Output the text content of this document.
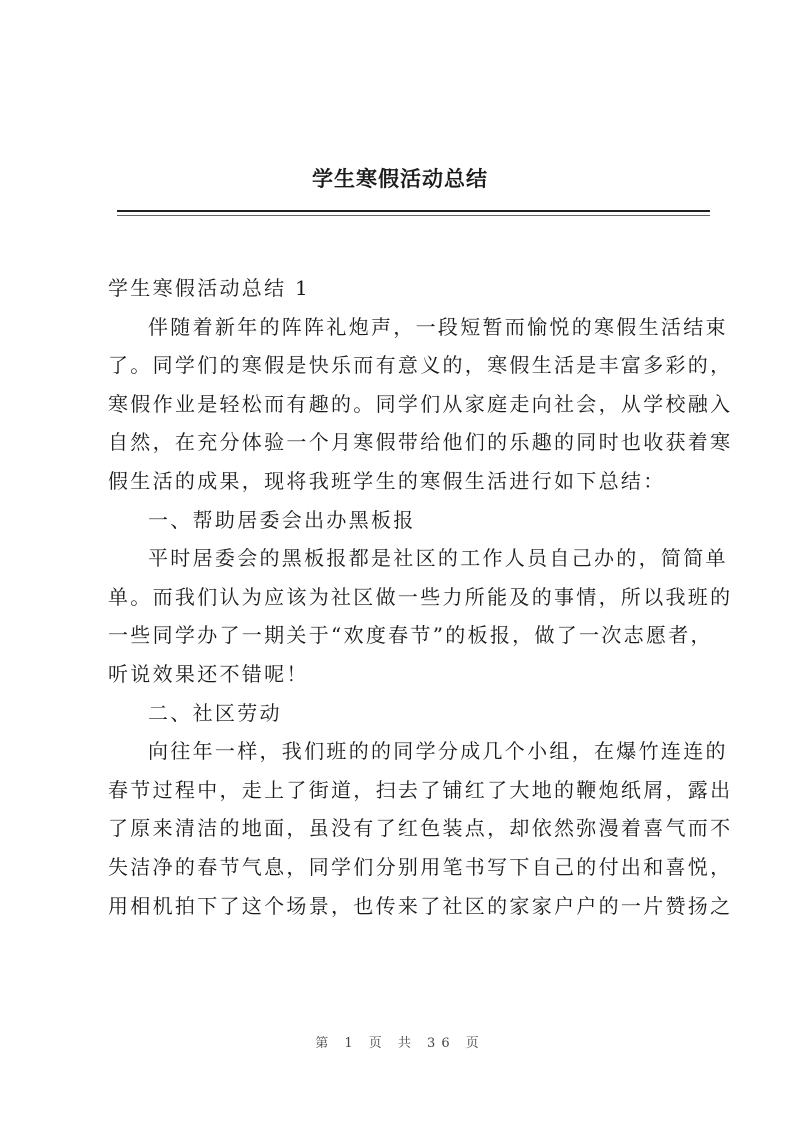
学生寒假活动总结

学生寒假活动总结 1

伴随着新年的阵阵礼炮声，一段短暂而愉悦的寒假生活结束

了。同学们的寒假是快乐而有意义的，寒假生活是丰富多彩的，

寒假作业是轻松而有趣的。同学们从家庭走向社会，从学校融入

自然，在充分体验一个月寒假带给他们的乐趣的同时也收获着寒

假生活的成果，现将我班学生的寒假生活进行如下总结：

一、帮助居委会出办黑板报

平时居委会的黑板报都是社区的工作人员自己办的，简简单

单。而我们认为应该为社区做一些力所能及的事情，所以我班的

一些同学办了一期关于“欢度春节”的板报，做了一次志愿者，

听说效果还不错呢！

二、社区劳动

向往年一样，我们班的的同学分成几个小组，在爆竹连连的

春节过程中，走上了街道，扫去了铺红了大地的鞭炮纸屑，露出

了原来清洁的地面，虽没有了红色装点，却依然弥漫着喜气而不

失洁净的春节气息，同学们分别用笔书写下自己的付出和喜悦，

用相机拍下了这个场景，也传来了社区的家家户户的一片赞扬之

第 1 页 共 36 页
